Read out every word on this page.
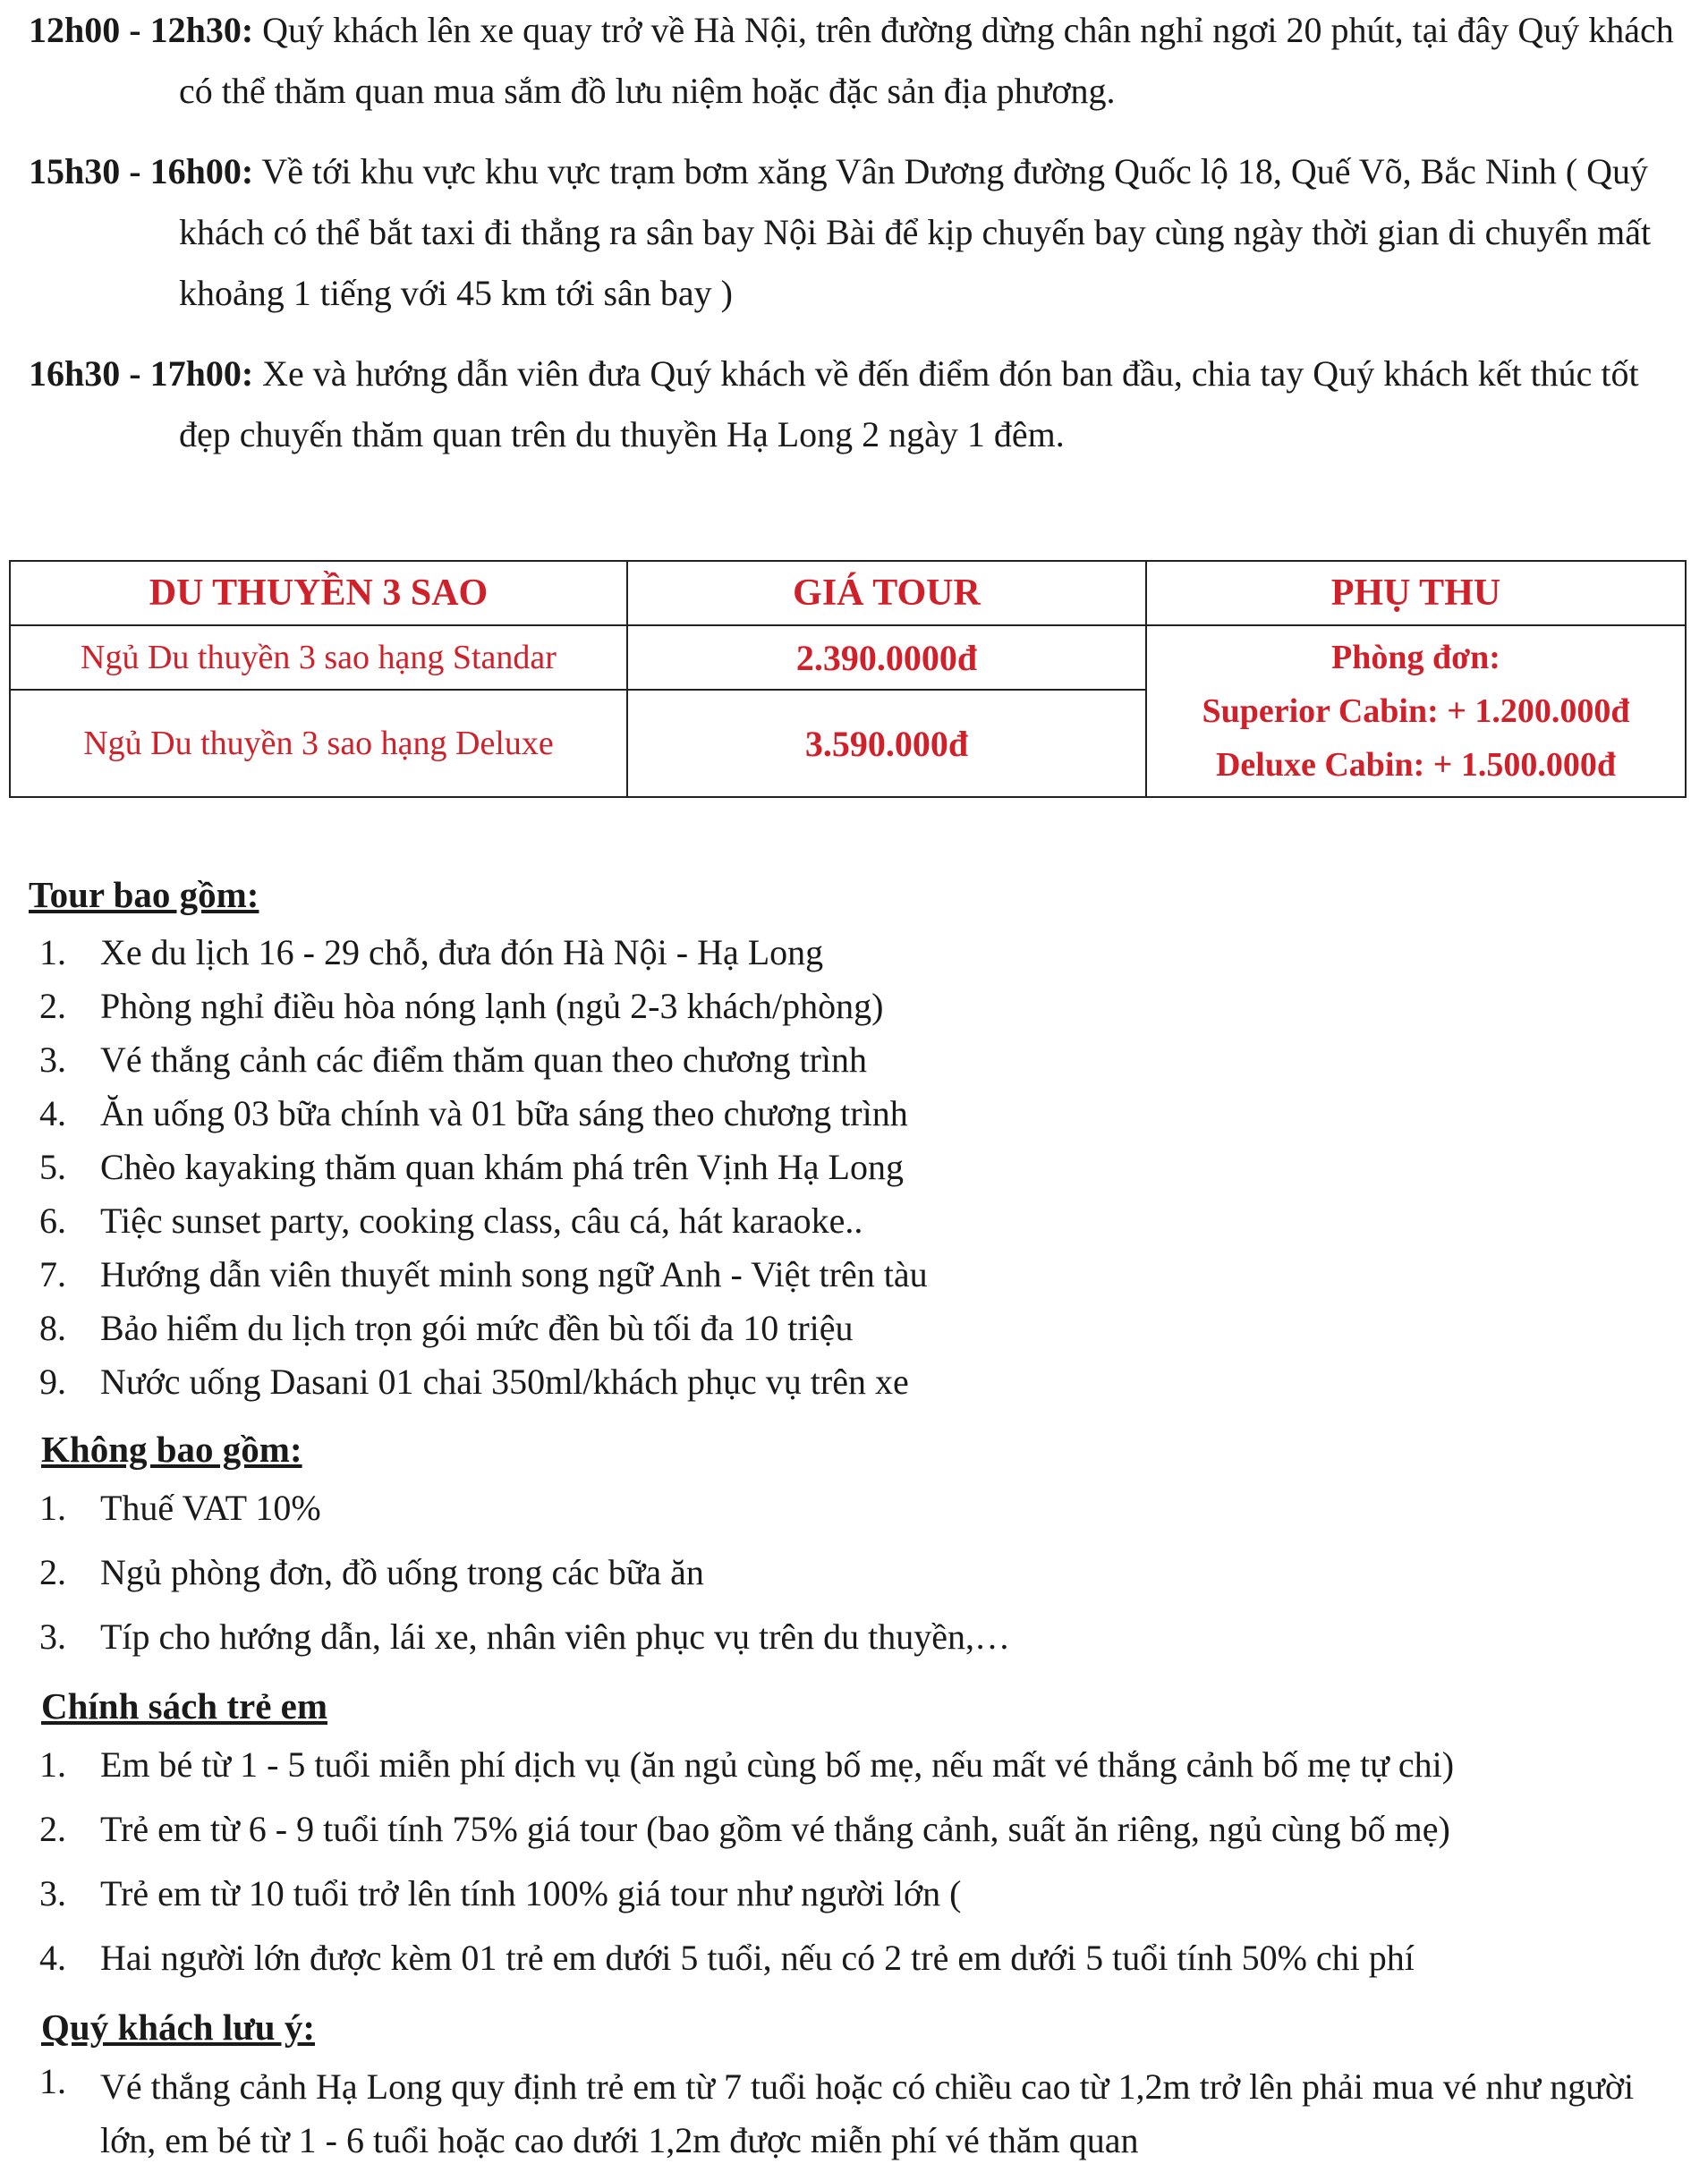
12h00 - 12h30: Quý khách lên xe quay trở về Hà Nội, trên đường dừng chân nghỉ ngơi 20 phút, tại đây Quý khách có thể thăm quan mua sắm đồ lưu niệm hoặc đặc sản địa phương.
15h30 - 16h00: Về tới khu vực khu vực trạm bơm xăng Vân Dương đường Quốc lộ 18, Quế Võ, Bắc Ninh ( Quý khách có thể bắt taxi đi thẳng ra sân bay Nội Bài để kịp chuyến bay cùng ngày thời gian di chuyển mất khoảng 1 tiếng với 45 km tới sân bay )
16h30 - 17h00: Xe và hướng dẫn viên đưa Quý khách về đến điểm đón ban đầu, chia tay Quý khách kết thúc tốt đẹp chuyến thăm quan trên du thuyền Hạ Long 2 ngày 1 đêm.
DU THUYỀN 3 SAO	GIÁ TOUR	PHỤ THU
Ngủ Du thuyền 3 sao hạng Standar	2.390.0000đ	Phòng đơn:
Superior Cabin: + 1.200.000đ
Deluxe Cabin: + 1.500.000đ

Ngủ Du thuyền 3 sao hạng Deluxe	3.590.000đ	

Tour bao gồm:

1. Xe du lịch 16 - 29 chỗ, đưa đón Hà Nội - Hạ Long
2. Phòng nghỉ điều hòa nóng lạnh (ngủ 2-3 khách/phòng)
3. Vé thắng cảnh các điểm thăm quan theo chương trình
4. Ăn uống 03 bữa chính và 01 bữa sáng theo chương trình
5. Chèo kayaking thăm quan khám phá trên Vịnh Hạ Long
6. Tiệc sunset party, cooking class, câu cá, hát karaoke..
7. Hướng dẫn viên thuyết minh song ngữ Anh - Việt trên tàu
8. Bảo hiểm du lịch trọn gói mức đền bù tối đa 10 triệu
9. Nước uống Dasani 01 chai 350ml/khách phục vụ trên xe

Không bao gồm:

1. Thuế VAT 10%
2. Ngủ phòng đơn, đồ uống trong các bữa ăn
3. Típ cho hướng dẫn, lái xe, nhân viên phục vụ trên du thuyền,…

Chính sách trẻ em

1. Em bé từ 1 - 5 tuổi miễn phí dịch vụ (ăn ngủ cùng bố mẹ, nếu mất vé thắng cảnh bố mẹ tự chi)
2. Trẻ em từ 6 - 9 tuổi tính 75% giá tour (bao gồm vé thắng cảnh, suất ăn riêng, ngủ cùng bố mẹ)
3. Trẻ em từ 10 tuổi trở lên tính 100% giá tour như người lớn (
4. Hai người lớn được kèm 01 trẻ em dưới 5 tuổi, nếu có 2 trẻ em dưới 5 tuổi tính 50% chi phí

Quý khách lưu ý:

1. Vé thắng cảnh Hạ Long quy định trẻ em từ 7 tuổi hoặc có chiều cao từ 1,2m trở lên phải mua vé như người lớn, em bé từ 1 - 6 tuổi hoặc cao dưới 1,2m được miễn phí vé thăm quan
